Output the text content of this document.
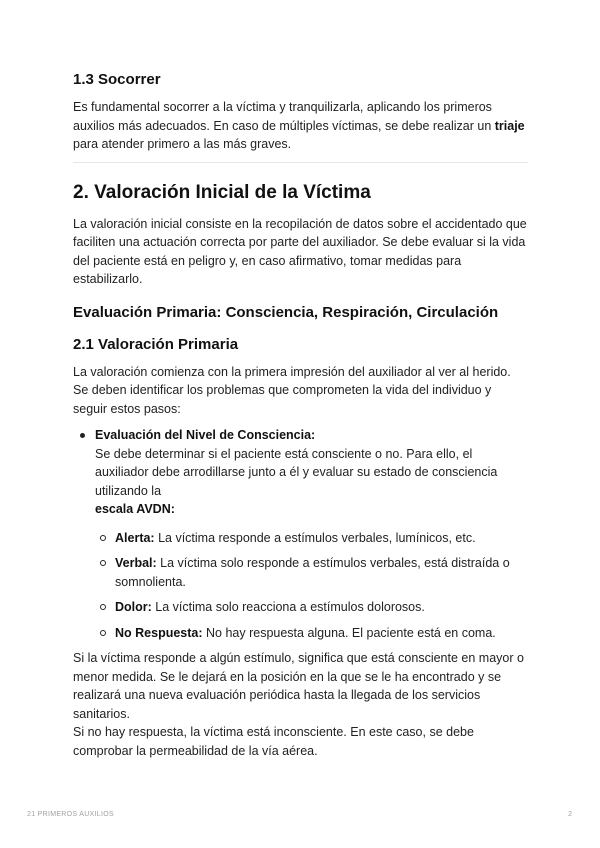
1.3 Socorrer

Es fundamental socorrer a la víctima y tranquilizarla, aplicando los primeros auxilios más adecuados. En caso de múltiples víctimas, se debe realizar un triaje para atender primero a las más graves.

2. Valoración Inicial de la Víctima

La valoración inicial consiste en la recopilación de datos sobre el accidentado que faciliten una actuación correcta por parte del auxiliador. Se debe evaluar si la vida del paciente está en peligro y, en caso afirmativo, tomar medidas para estabilizarlo.

Evaluación Primaria: Consciencia, Respiración, Circulación
2.1 Valoración Primaria

La valoración comienza con la primera impresión del auxiliador al ver al herido. Se deben identificar los problemas que comprometen la vida del individuo y seguir estos pasos:

Evaluación del Nivel de Consciencia:
Se debe determinar si el paciente está consciente o no. Para ello, el auxiliador debe arrodillarse junto a él y evaluar su estado de consciencia utilizando la
escala AVDN:
Alerta: La víctima responde a estímulos verbales, lumínicos, etc.
Verbal: La víctima solo responde a estímulos verbales, está distraída o somnolienta.
Dolor: La víctima solo reacciona a estímulos dolorosos.
No Respuesta: No hay respuesta alguna. El paciente está en coma.

Si la víctima responde a algún estímulo, significa que está consciente en mayor o menor medida. Se le dejará en la posición en la que se le ha encontrado y se realizará una nueva evaluación periódica hasta la llegada de los servicios sanitarios.

Si no hay respuesta, la víctima está inconsciente. En este caso, se debe comprobar la permeabilidad de la vía aérea.

21 PRIMEROS AUXILIOS	2
